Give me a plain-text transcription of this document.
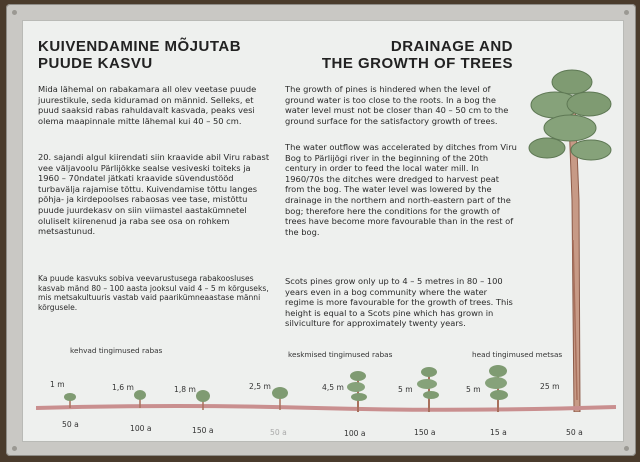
KUIVENDAMINE MÕJUTAB
PUUDE KASVU
DRAINAGE AND
THE GROWTH OF TREES
Mida lähemal on rabakamara all olev veetase puude juurestikule, seda kiduramad on männid. Selleks, et puud saaksid rabas rahuldavalt kasvada, peaks vesi olema maapinnale mitte lähemal kui 40 – 50 cm.
20. sajandi algul kiirendati siin kraavide abil Viru rabast vee väljavoolu Pärlijõkke sealse vesiveski toiteks ja 1960 – 70ndatel jätkati kraavide süvendustööd turbavälja rajamise tõttu. Kuivendamise tõttu langes põhja- ja kirdepoolses rabaosas vee tase, mistõttu puude juurdekasv on siin viimastel aastakümnetel oluliselt kiirenenud ja raba see osa on rohkem metsastunud.
Ka puude kasvuks sobiva veevarustusega rabakoosluses kasvab mänd 80 – 100 aasta jooksul vaid 4 – 5 m kõrguseks, mis metsakultuuris vastab vaid paarikümneaastase männi kõrgusele.
The growth of pines is hindered when the level of ground water is too close to the roots. In a bog the water level must not be closer than 40 – 50 cm to the ground surface for the satisfactory growth of trees.
The water outflow was accelerated by ditches from Viru Bog to Pärlijõgi river in the beginning of the 20th century in order to feed the local water mill. In 1960/70s the ditches were dredged to harvest peat from the bog. The water level was lowered by the drainage in the northern and north-eastern part of the bog; therefore here the conditions for the growth of trees have become more favourable than in the rest of the bog.
Scots pines grow only up to 4 – 5 metres in 80 – 100 years even in a bog community where the water regime is more favourable for the growth of trees. This height is equal to a Scots pine which has grown in silviculture for approximately twenty years.
kehvad tingimused rabas	keskmised tingimused rabas	head tingimused metsas
1 m	1,6 m	1,8 m	2,5 m	4,5 m	5 m	5 m	25 m
50 a	100 a	150 a	50 a	100 a	150 a	15 a	50 a
